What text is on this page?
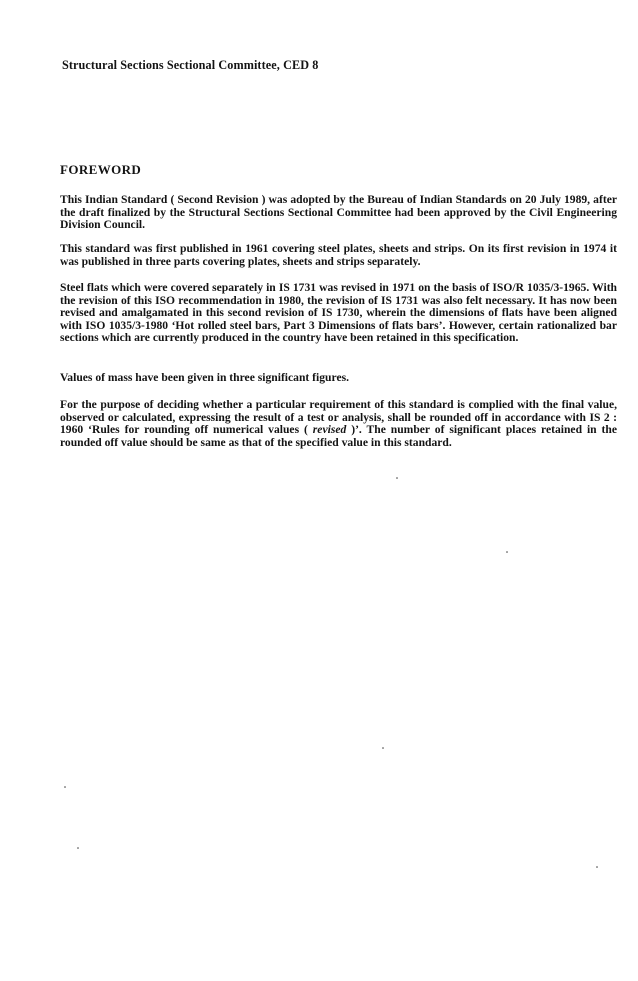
Structural Sections Sectional Committee, CED 8
FOREWORD

This Indian Standard ( Second Revision ) was adopted by the Bureau of Indian Standards on 20 July 1989, after the draft finalized by the Structural Sections Sectional Committee had been approved by the Civil Engineering Division Council.

This standard was first published in 1961 covering steel plates, sheets and strips. On its first revision in 1974 it was published in three parts covering plates, sheets and strips separately.

Steel flats which were covered separately in IS 1731 was revised in 1971 on the basis of ISO/R 1035/3-1965. With the revision of this ISO recommendation in 1980, the revision of IS 1731 was also felt necessary. It has now been revised and amalgamated in this second revision of IS 1730, wherein the dimensions of flats have been aligned with ISO 1035/3-1980 ‘Hot rolled steel bars, Part 3 Dimensions of flats bars’. However, certain rationalized bar sections which are currently produced in the country have been retained in this specification.

Values of mass have been given in three significant figures.

For the purpose of deciding whether a particular requirement of this standard is complied with the final value, observed or calculated, expressing the result of a test or analysis, shall be rounded off in accordance with IS 2 : 1960 ‘Rules for rounding off numerical values ( revised )’. The number of significant places retained in the rounded off value should be same as that of the specified value in this standard.
